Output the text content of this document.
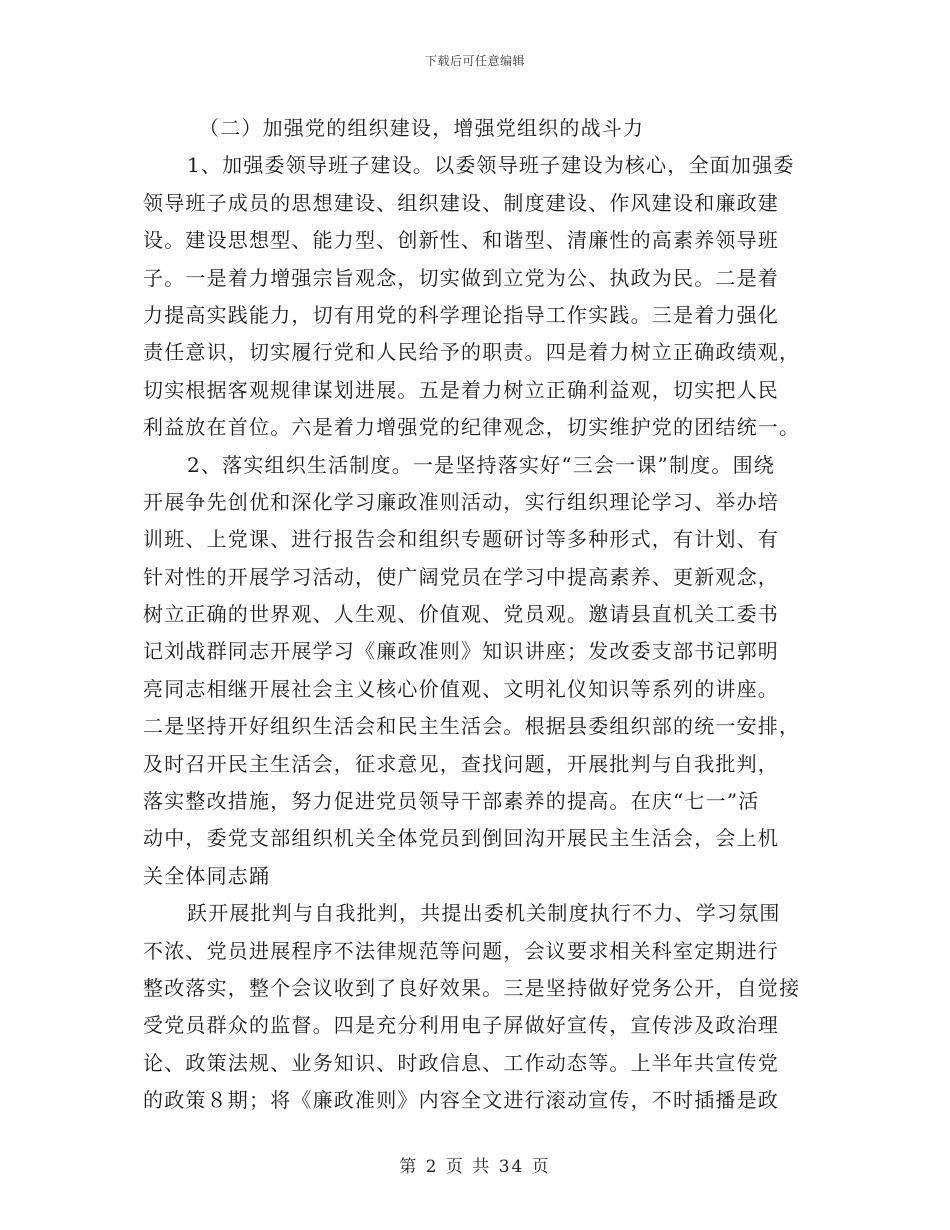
下载后可任意编辑
（二）加强党的组织建设，增强党组织的战斗力
1、加强委领导班子建设。以委领导班子建设为核心，全面加强委
领导班子成员的思想建设、组织建设、制度建设、作风建设和廉政建
设。建设思想型、能力型、创新性、和谐型、清廉性的高素养领导班
子。一是着力增强宗旨观念，切实做到立党为公、执政为民。二是着
力提高实践能力，切有用党的科学理论指导工作实践。三是着力强化
责任意识，切实履行党和人民给予的职责。四是着力树立正确政绩观，
切实根据客观规律谋划进展。五是着力树立正确利益观，切实把人民
利益放在首位。六是着力增强党的纪律观念，切实维护党的团结统一。
2、落实组织生活制度。一是坚持落实好“三会一课”制度。围绕
开展争先创优和深化学习廉政准则活动，实行组织理论学习、举办培
训班、上党课、进行报告会和组织专题研讨等多种形式，有计划、有
针对性的开展学习活动，使广阔党员在学习中提高素养、更新观念，
树立正确的世界观、人生观、价值观、党员观。邀请县直机关工委书
记刘战群同志开展学习《廉政准则》知识讲座；发改委支部书记郭明
亮同志相继开展社会主义核心价值观、文明礼仪知识等系列的讲座。
二是坚持开好组织生活会和民主生活会。根据县委组织部的统一安排，
及时召开民主生活会，征求意见，查找问题，开展批判与自我批判，
落实整改措施，努力促进党员领导干部素养的提高。在庆“七一”活
动中，委党支部组织机关全体党员到倒回沟开展民主生活会，会上机
关全体同志踊
跃开展批判与自我批判，共提出委机关制度执行不力、学习氛围
不浓、党员进展程序不法律规范等问题，会议要求相关科室定期进行
整改落实，整个会议收到了良好效果。三是坚持做好党务公开，自觉接
受党员群众的监督。四是充分利用电子屏做好宣传，宣传涉及政治理
论、政策法规、业务知识、时政信息、工作动态等。上半年共宣传党
的政策８期；将《廉政准则》内容全文进行滚动宣传，不时插播是政
第 2 页 共 34 页
